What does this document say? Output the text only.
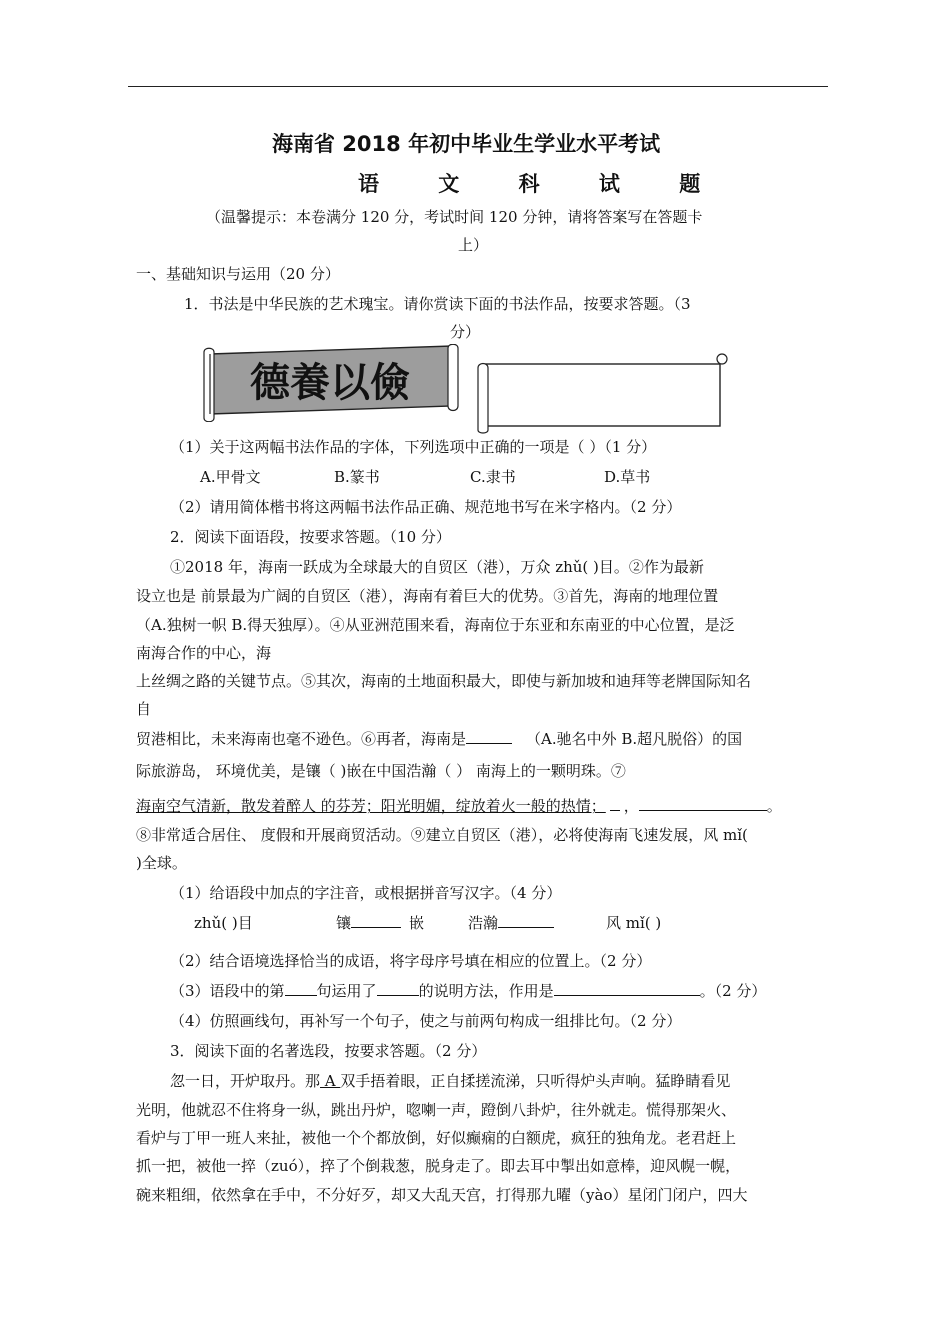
海南省 2018 年初中毕业生学业水平考试
语 文 科 试 题
（温馨提示：本卷满分 120 分，考试时间 120 分钟，请将答案写在答题卡
上）
一、基础知识与运用（20 分）
1．书法是中华民族的艺术瑰宝。请你赏读下面的书法作品，按要求答题。（3
分）
德養以儉
（1）关于这两幅书法作品的字体，下列选项中正确的一项是（ ）（1 分）
A.甲骨文	B.篆书	C.隶书	D.草书
（2）请用简体楷书将这两幅书法作品正确、规范地书写在米字格内。（2 分）
2．阅读下面语段，按要求答题。（10 分）
①2018 年，海南一跃成为全球最大的自贸区（港），万众 zhǔ( )目。②作为最新
设立也是 前景最为广阔的自贸区（港），海南有着巨大的优势。③首先，海南的地理位置
（A.独树一帜 B.得天独厚）。④从亚洲范围来看，海南位于东亚和东南亚的中心位置，是泛
南海合作的中心，海
上丝绸之路的关键节点。⑤其次，海南的土地面积最大，即使与新加坡和迪拜等老牌国际知名
自
贸港相比，未来海南也毫不逊色。⑥再者，海南是	（A.驰名中外 B.超凡脱俗）的国
际旅游岛， 环境优美，是镶（ )嵌在中国浩瀚（ ） 南海上的一颗明珠。⑦
海南空气清新，散发着醉人 的芬芳；阳光明媚，绽放着火一般的热情； ，	。
⑧非常适合居住、 度假和开展商贸活动。⑨建立自贸区（港），必将使海南飞速发展，风 mǐ(
)全球。
（1）给语段中加点的字注音，或根据拼音写汉字。（4 分）
zhǔ( )目	镶	嵌	浩瀚	风 mǐ( )
（2）结合语境选择恰当的成语，将字母序号填在相应的位置上。（2 分）
（3）语段中的第 句运用了	的说明方法，作用是	。（2 分）
（4）仿照画线句，再补写一个句子，使之与前两句构成一组排比句。（2 分）
3．阅读下面的名著选段，按要求答题。（2 分）
忽一日，开炉取丹。那 A 双手捂着眼，正自揉搓流涕，只听得炉头声响。猛睁睛看见
光明，他就忍不住将身一纵，跳出丹炉，唿喇一声，蹬倒八卦炉，往外就走。慌得那架火、
看炉与丁甲一班人来扯，被他一个个都放倒，好似癫痫的白额虎，疯狂的独角龙。老君赶上
抓一把，被他一捽（zuó），捽了个倒栽葱，脱身走了。即去耳中掣出如意棒，迎风幌一幌，
碗来粗细，依然拿在手中，不分好歹，却又大乱天宫，打得那九曜（yào）星闭门闭户，四大
